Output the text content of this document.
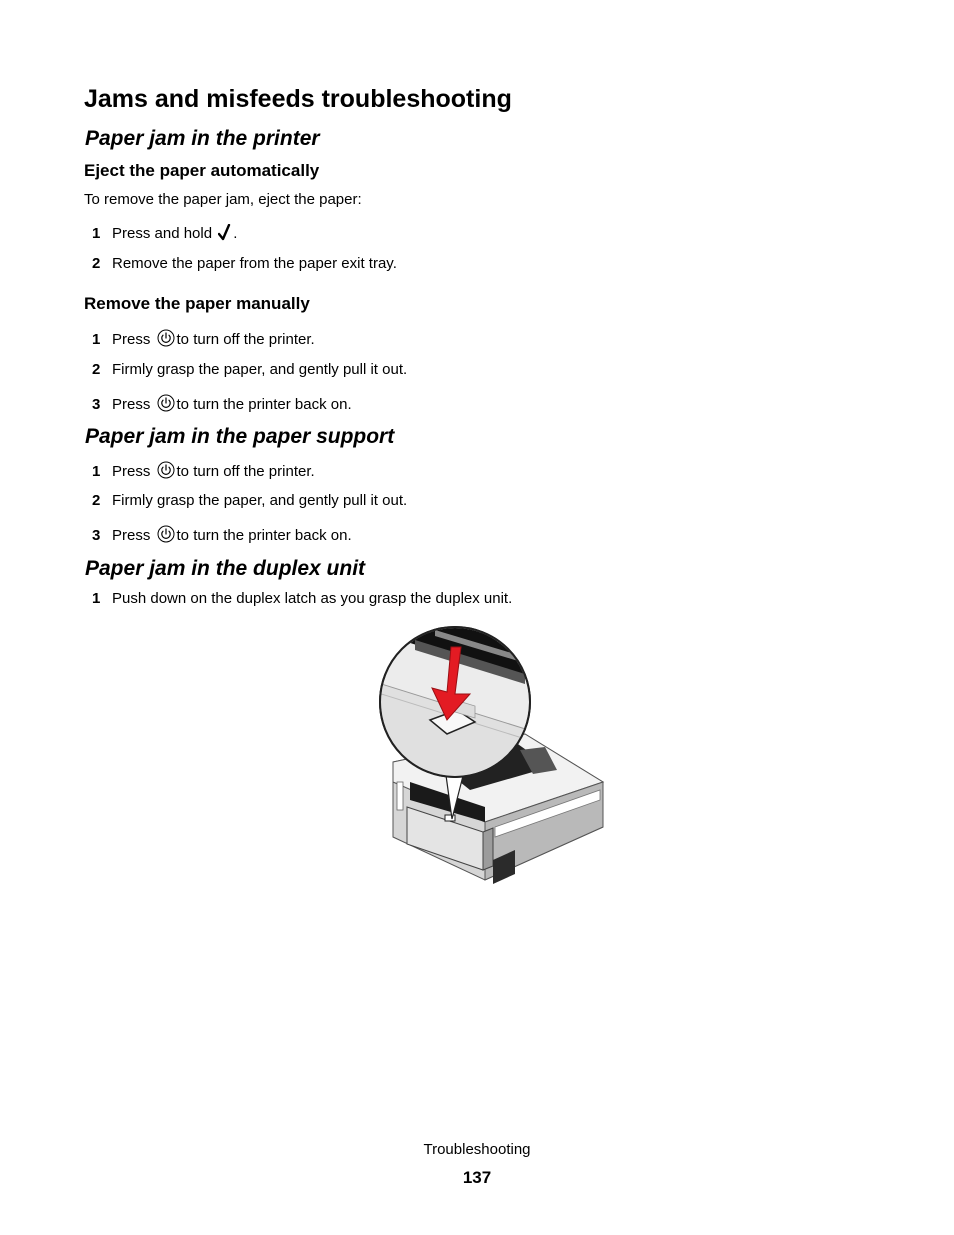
Jams and misfeeds troubleshooting
Paper jam in the printer
Eject the paper automatically
To remove the paper jam, eject the paper:
1 Press and hold .
2 Remove the paper from the paper exit tray.
Remove the paper manually
1 Press to turn off the printer.
2 Firmly grasp the paper, and gently pull it out.
3 Press to turn the printer back on.
Paper jam in the paper support
1 Press to turn off the printer.
2 Firmly grasp the paper, and gently pull it out.
3 Press to turn the printer back on.
Paper jam in the duplex unit
1 Push down on the duplex latch as you grasp the duplex unit.
Troubleshooting
137
